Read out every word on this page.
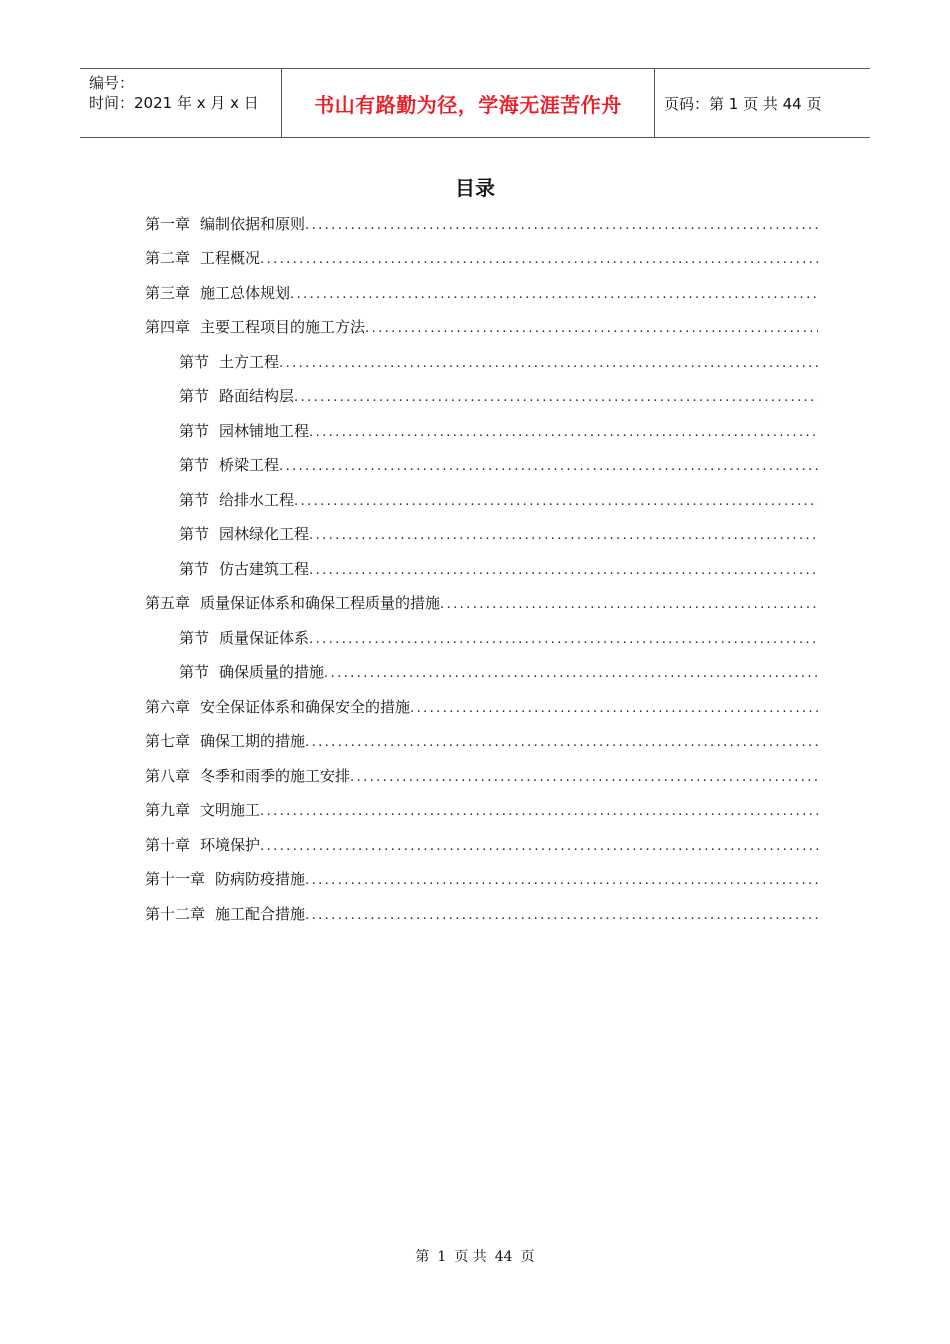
编号：
时间：2021 年 x 月 x 日	书山有路勤为径，学海无涯苦作舟	页码：第 1 页 共 44 页
目录
第一章 编制依据和原则
.....
第二章 工程概况
.....
第三章 施工总体规划
.....
第四章 主要工程项目的施工方法
.....
第节 土方工程
.....
第节 路面结构层
.....
第节 园林铺地工程
.....
第节 桥梁工程
.....
第节 给排水工程
.....
第节 园林绿化工程
.....
第节 仿古建筑工程
.....
第五章 质量保证体系和确保工程质量的措施
.....
第节 质量保证体系
.....
第节 确保质量的措施
.....
第六章 安全保证体系和确保安全的措施
.....
第七章 确保工期的措施
.....
第八章 冬季和雨季的施工安排
.....
第九章 文明施工
.....
第十章 环境保护
.....
第十一章 防病防疫措施
.....
第十二章 施工配合措施
.....
第 1 页 共 44 页
